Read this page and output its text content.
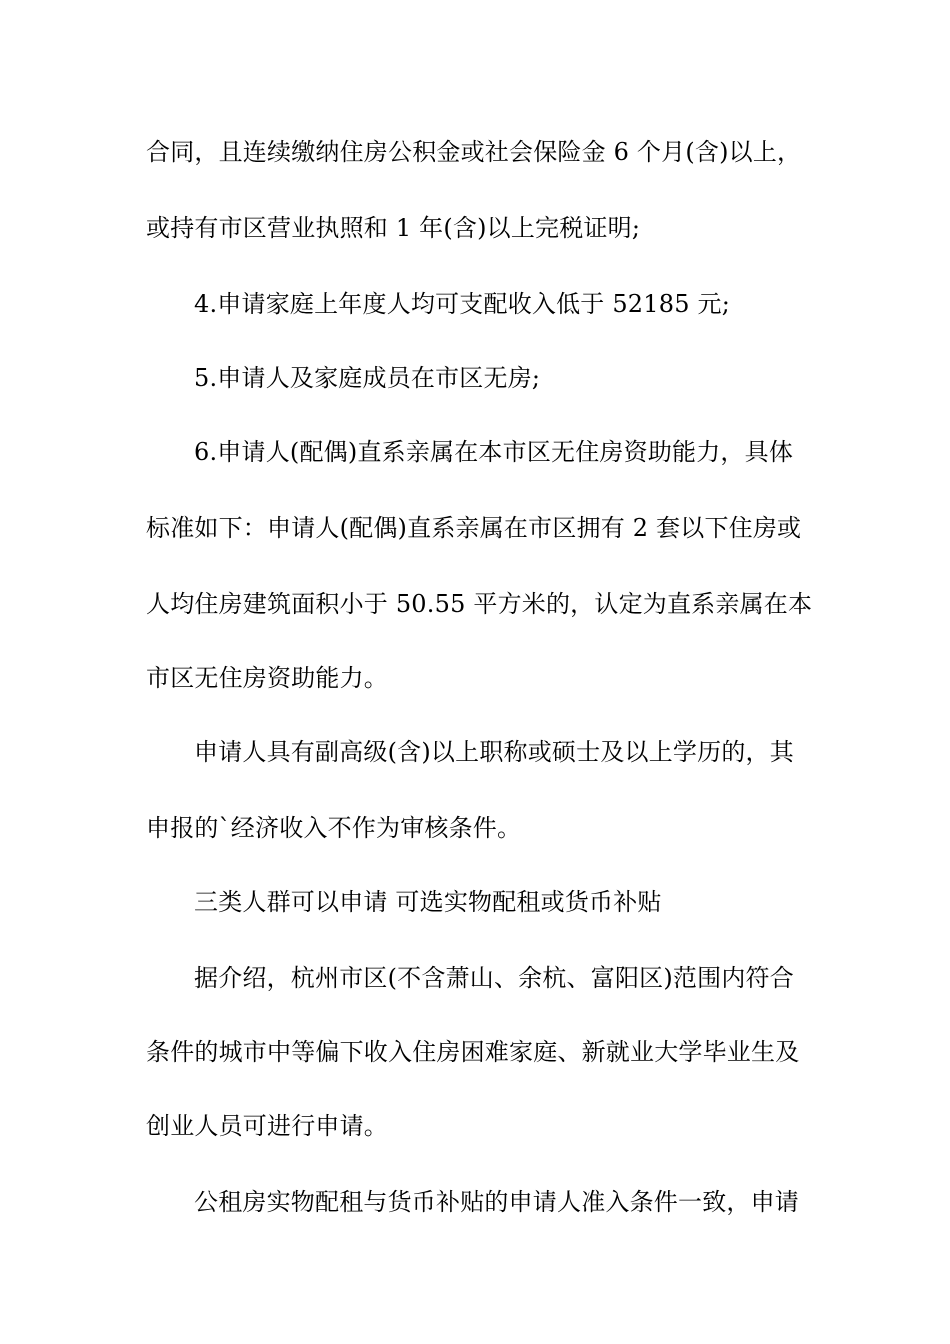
合同，且连续缴纳住房公积金或社会保险金 6 个月(含)以上，
或持有市区营业执照和 1 年(含)以上完税证明;
4.申请家庭上年度人均可支配收入低于 52185 元;
5.申请人及家庭成员在市区无房;
6.申请人(配偶)直系亲属在本市区无住房资助能力，具体
标准如下：申请人(配偶)直系亲属在市区拥有 2 套以下住房或
人均住房建筑面积小于 50.55 平方米的，认定为直系亲属在本
市区无住房资助能力。
申请人具有副高级(含)以上职称或硕士及以上学历的，其
申报的`经济收入不作为审核条件。
三类人群可以申请 可选实物配租或货币补贴
据介绍，杭州市区(不含萧山、余杭、富阳区)范围内符合
条件的城市中等偏下收入住房困难家庭、新就业大学毕业生及
创业人员可进行申请。
公租房实物配租与货币补贴的申请人准入条件一致，申请
